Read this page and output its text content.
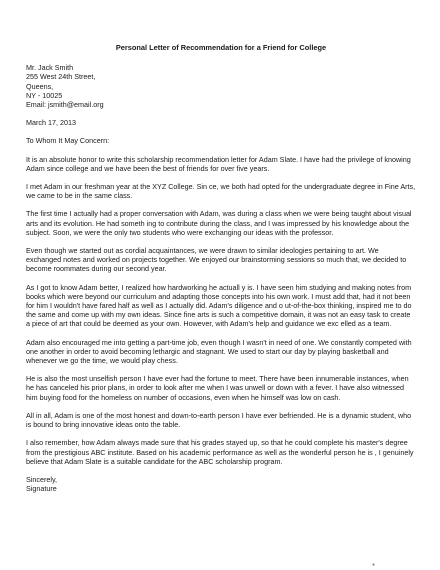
Personal Letter of Recommendation for a Friend for College
Mr. Jack Smith
255 West 24th Street,
Queens,
NY - 10025
Email: jsmith@email.org
March 17, 2013
To Whom It May Concern:
It is an absolute honor to write this scholarship recommendation letter for Adam Slate. I have had the privilege of knowing
Adam since college and we have been the best of friends for over five years.
I met Adam in our freshman year at the XYZ College. Sin ce, we both had opted for the undergraduate degree in Fine Arts,
we came to be in the same class.
The first time I actually had a proper conversation with Adam, was during a class when we were being taught about visual
arts and its evolution. He had someth ing to contribute during the class, and I was impressed by his knowledge about the
subject. Soon, we were the only two students who were exchanging our ideas with the professor.
Even though we started out as cordial acquaintances, we were drawn to similar ideologies pertaining to art. We
exchanged notes and worked on projects together. We enjoyed our brainstorming sessions so much that, we decided to
become roommates during our second year.
As I got to know Adam better, I realized how hardworking he actuall y is. I have seen him studying and making notes from
books which were beyond our curriculum and adapting those concepts into his own work. I must add that, had it not been
for him I wouldn't have fared half as well as I actually did. Adam's diligence and o ut-of-the-box thinking, inspired me to do
the same and come up with my own ideas. Since fine arts is such a competitive domain, it was not an easy task to create
a piece of art that could be deemed as your own. However, with Adam's help and guidance we exc elled as a team.
Adam also encouraged me into getting a part-time job, even though I wasn't in need of one. We constantly competed with
one another in order to avoid becoming lethargic and stagnant. We used to start our day by playing basketball and
whenever we go the time, we would play chess.
He is also the most unselfish person I have ever had the fortune to meet. There have been innumerable instances, when
he has canceled his prior plans, in order to look after me when I was unwell or down with a fever. I have also witnessed
him buying food for the homeless on number of occasions, even when he himself was low on cash.
All in all, Adam is one of the most honest and down-to-earth person I have ever befriended. He is a dynamic student, who
is bound to bring innovative ideas onto the table.
I also remember, how Adam always made sure that his grades stayed up, so that he could complete his master's degree
from the prestigious ABC institute. Based on his academic performance as well as the wonderful person he is , I genuinely
believe that Adam Slate is a suitable candidate for the ABC scholarship program.
Sincerely,
Signature
●
